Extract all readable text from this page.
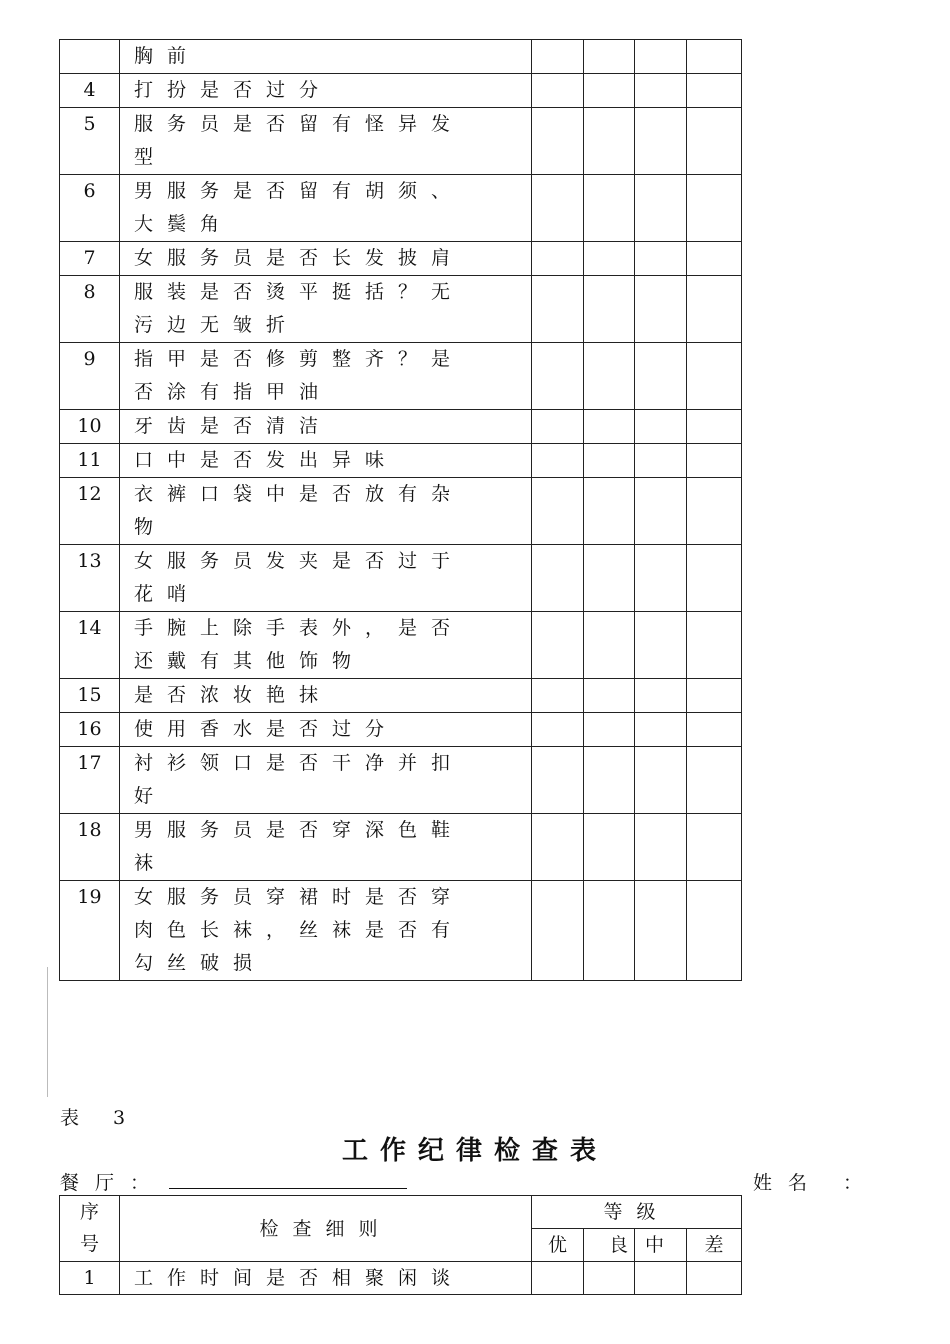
	胸前				

4	打扮是否过分				

5	服务员是否留有怪异发
型				

6	男服务是否留有胡须、
大鬓角				

7	女服务员是否长发披肩				

8	服装是否烫平挺括？无
污边无皱折				

9	指甲是否修剪整齐？是
否涂有指甲油				

10	牙齿是否清洁				

11	口中是否发出异味				

12	衣裤口袋中是否放有杂
物				

13	女服务员发夹是否过于
花哨				

14	手腕上除手表外，是否
还戴有其他饰物				

15	是否浓妆艳抹				

16	使用香水是否过分				

17	衬衫领口是否干净并扣
好				

18	男服务员是否穿深色鞋
袜				

19	女服务员穿裙时是否穿
肉色长袜，丝袜是否有
勾丝破损				

表 3
工作纪律检查表
餐厅：	姓名 ：
序
号	检查细则	等级			
		优	良	中	差
1	工作时间是否相聚闲谈				
